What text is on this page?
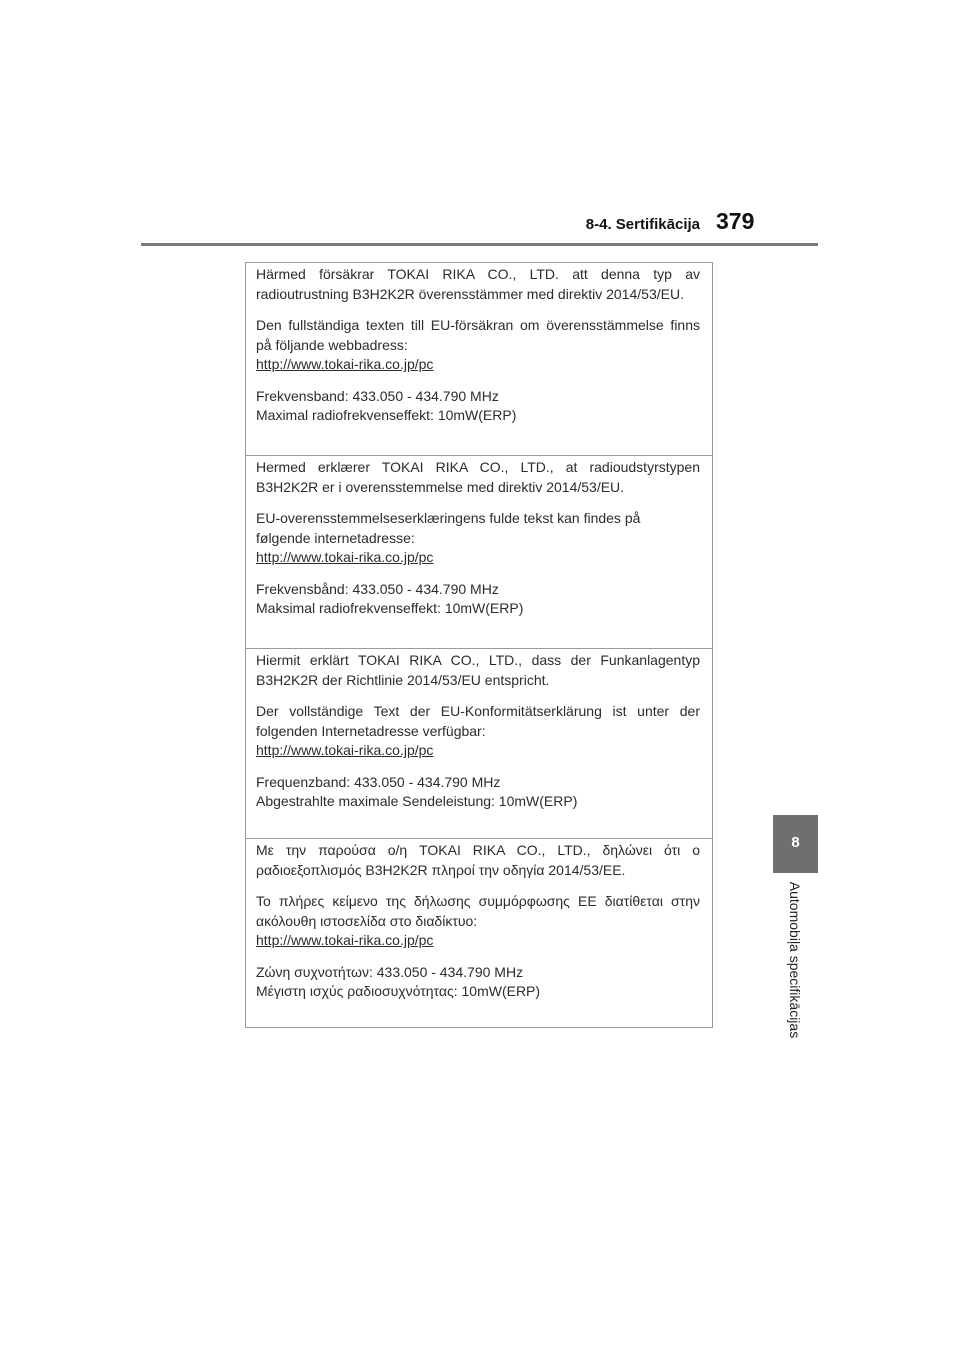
8-4. Sertifikācija 379
8
Automobiļa specifikācijas

Härmed försäkrar TOKAI RIKA CO., LTD. att denna typ av
radioutrustning B3H2K2R överensstämmer med direktiv 2014/53/EU.

Den fullständiga texten till EU-försäkran om överensstämmelse finns
på följande webbadress:
http://www.tokai-rika.co.jp/pc

Frekvensband: 433.050 - 434.790 MHz
Maximal radiofrekvenseffekt: 10mW(ERP)

Hermed erklærer TOKAI RIKA CO., LTD., at radioudstyrstypen
B3H2K2R er i overensstemmelse med direktiv 2014/53/EU.

EU-overensstemmelseserklæringens fulde tekst kan findes på
følgende internetadresse:
http://www.tokai-rika.co.jp/pc

Frekvensbånd: 433.050 - 434.790 MHz
Maksimal radiofrekvenseffekt: 10mW(ERP)

Hiermit erklärt TOKAI RIKA CO., LTD., dass der Funkanlagentyp
B3H2K2R der Richtlinie 2014/53/EU entspricht.

Der vollständige Text der EU-Konformitätserklärung ist unter der
folgenden Internetadresse verfügbar:
http://www.tokai-rika.co.jp/pc

Frequenzband: 433.050 - 434.790 MHz
Abgestrahlte maximale Sendeleistung: 10mW(ERP)

Με την παρούσα ο/η TOKAI RIKA CO., LTD., δηλώνει ότι ο
ραδιοεξοπλισμός B3H2K2R πληροί την οδηγία 2014/53/ΕΕ.

Το πλήρες κείμενο της δήλωσης συμμόρφωσης ΕΕ διατίθεται στην
ακόλουθη ιστοσελίδα στο διαδίκτυο:
http://www.tokai-rika.co.jp/pc

Ζώνη συχνοτήτων: 433.050 - 434.790 MHz
Μέγιστη ισχύς ραδιοσυχνότητας: 10mW(ERP)
